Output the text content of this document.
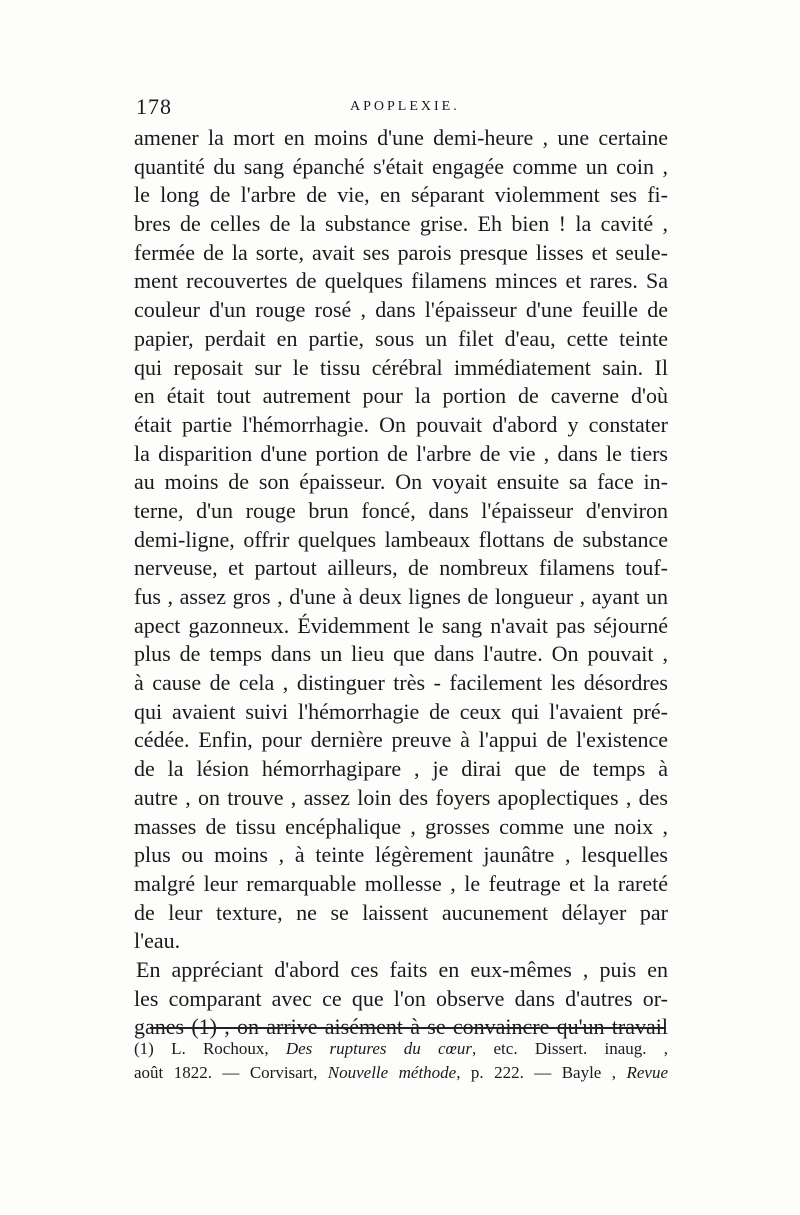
178	APOPLEXIE.
amener la mort en moins d'une demi-heure , une certaine
quantité du sang épanché s'était engagée comme un coin ,
le long de l'arbre de vie, en séparant violemment ses fi-
bres de celles de la substance grise. Eh bien ! la cavité ,
fermée de la sorte, avait ses parois presque lisses et seule-
ment recouvertes de quelques filamens minces et rares. Sa
couleur d'un rouge rosé , dans l'épaisseur d'une feuille de
papier, perdait en partie, sous un filet d'eau, cette teinte
qui reposait sur le tissu cérébral immédiatement sain. Il
en était tout autrement pour la portion de caverne d'où
était partie l'hémorrhagie. On pouvait d'abord y constater
la disparition d'une portion de l'arbre de vie , dans le tiers
au moins de son épaisseur. On voyait ensuite sa face in-
terne, d'un rouge brun foncé, dans l'épaisseur d'environ
demi-ligne, offrir quelques lambeaux flottans de substance
nerveuse, et partout ailleurs, de nombreux filamens touf-
fus , assez gros , d'une à deux lignes de longueur , ayant un
apect gazonneux. Évidemment le sang n'avait pas séjourné
plus de temps dans un lieu que dans l'autre. On pouvait ,
à cause de cela , distinguer très - facilement les désordres
qui avaient suivi l'hémorrhagie de ceux qui l'avaient pré-
cédée. Enfin, pour dernière preuve à l'appui de l'existence
de la lésion hémorrhagipare , je dirai que de temps à
autre , on trouve , assez loin des foyers apoplectiques , des
masses de tissu encéphalique , grosses comme une noix ,
plus ou moins , à teinte légèrement jaunâtre , lesquelles
malgré leur remarquable mollesse , le feutrage et la rareté
de leur texture, ne se laissent aucunement délayer par
l'eau.
En appréciant d'abord ces faits en eux-mêmes , puis en
les comparant avec ce que l'on observe dans d'autres or-
ganes (1) , on arrive aisément à se convaincre qu'un travail
(1) L. Rochoux, Des ruptures du cœur, etc. Dissert. inaug. ,
août 1822. — Corvisart, Nouvelle méthode, p. 222. — Bayle , Revue
